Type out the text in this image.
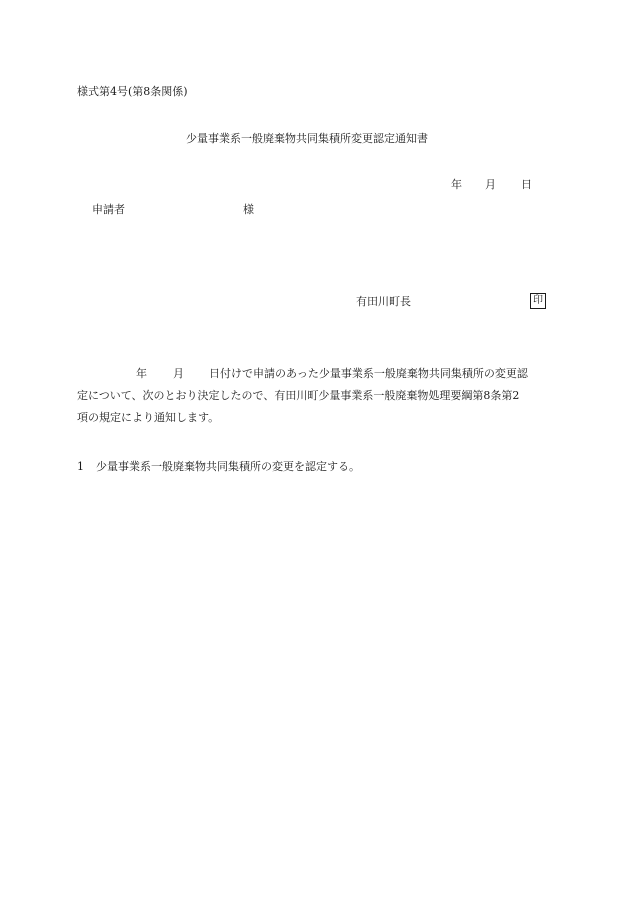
様式第4号(第8条関係)
少量事業系一般廃棄物共同集積所変更認定通知書
年 月 日
申請者	様
有田川町長	印
年 月 日付けで申請のあった少量事業系一般廃棄物共同集積所の変更認
定について、次のとおり決定したので、有田川町少量事業系一般廃棄物処理要綱第8条第2
項の規定により通知します。
1 少量事業系一般廃棄物共同集積所の変更を認定する。
